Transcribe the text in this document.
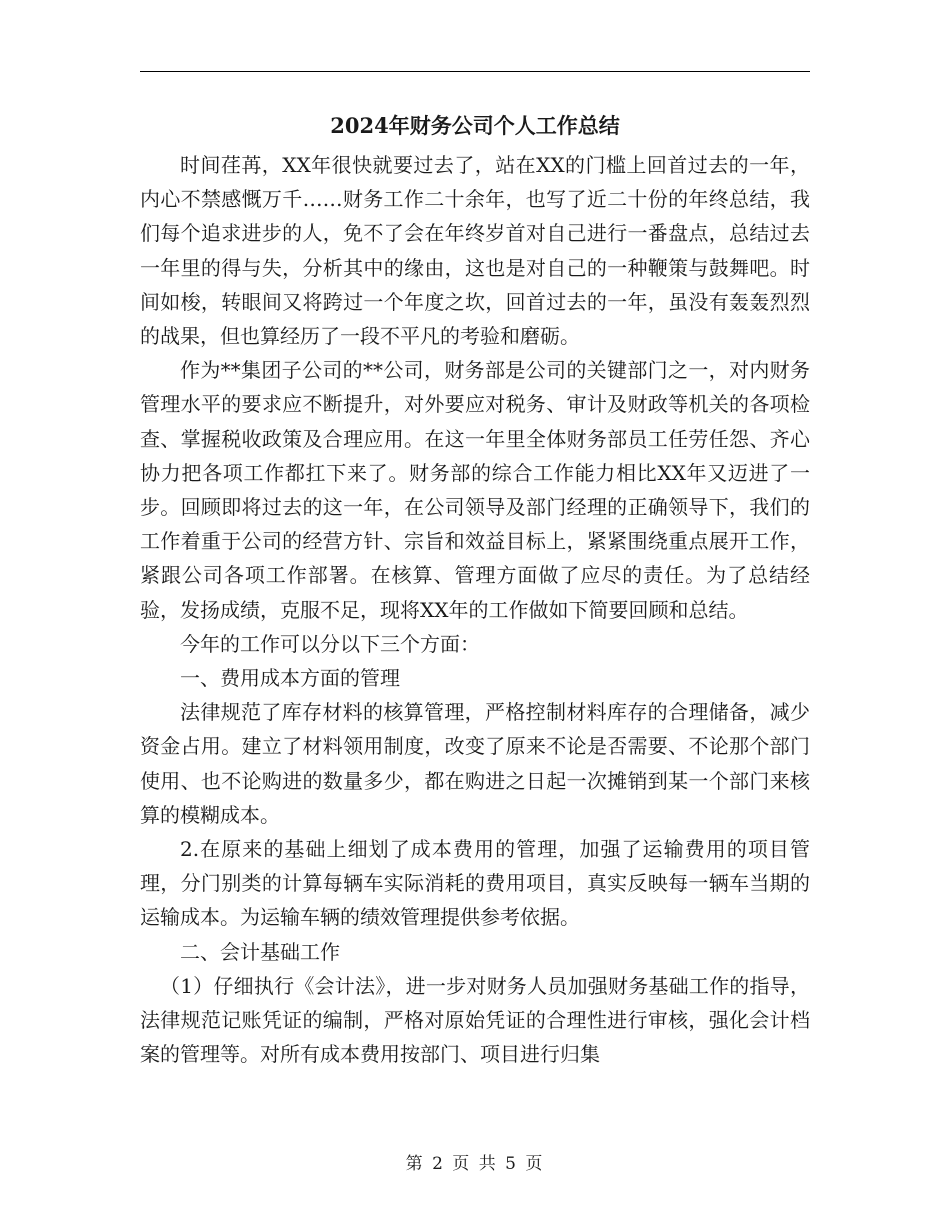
2024年财务公司个人工作总结

时间荏苒，XX年很快就要过去了，站在XX的门槛上回首过去的一年，内心不禁感慨万千……财务工作二十余年，也写了近二十份的年终总结，我们每个追求进步的人，免不了会在年终岁首对自己进行一番盘点，总结过去一年里的得与失，分析其中的缘由，这也是对自己的一种鞭策与鼓舞吧。时间如梭，转眼间又将跨过一个年度之坎，回首过去的一年，虽没有轰轰烈烈的战果，但也算经历了一段不平凡的考验和磨砺。

作为**集团子公司的**公司，财务部是公司的关键部门之一，对内财务管理水平的要求应不断提升，对外要应对税务、审计及财政等机关的各项检查、掌握税收政策及合理应用。在这一年里全体财务部员工任劳任怨、齐心协力把各项工作都扛下来了。财务部的综合工作能力相比XX年又迈进了一步。回顾即将过去的这一年，在公司领导及部门经理的正确领导下，我们的工作着重于公司的经营方针、宗旨和效益目标上，紧紧围绕重点展开工作，紧跟公司各项工作部署。在核算、管理方面做了应尽的责任。为了总结经验，发扬成绩，克服不足，现将XX年的工作做如下简要回顾和总结。

今年的工作可以分以下三个方面：

一、费用成本方面的管理

法律规范了库存材料的核算管理，严格控制材料库存的合理储备，减少资金占用。建立了材料领用制度，改变了原来不论是否需要、不论那个部门使用、也不论购进的数量多少，都在购进之日起一次摊销到某一个部门来核算的模糊成本。

2.在原来的基础上细划了成本费用的管理，加强了运输费用的项目管理，分门别类的计算每辆车实际消耗的费用项目，真实反映每一辆车当期的运输成本。为运输车辆的绩效管理提供参考依据。

二、会计基础工作

（1）仔细执行《会计法》，进一步对财务人员加强财务基础工作的指导，法律规范记账凭证的编制，严格对原始凭证的合理性进行审核，强化会计档案的管理等。对所有成本费用按部门、项目进行归集

第 2 页 共 5 页
